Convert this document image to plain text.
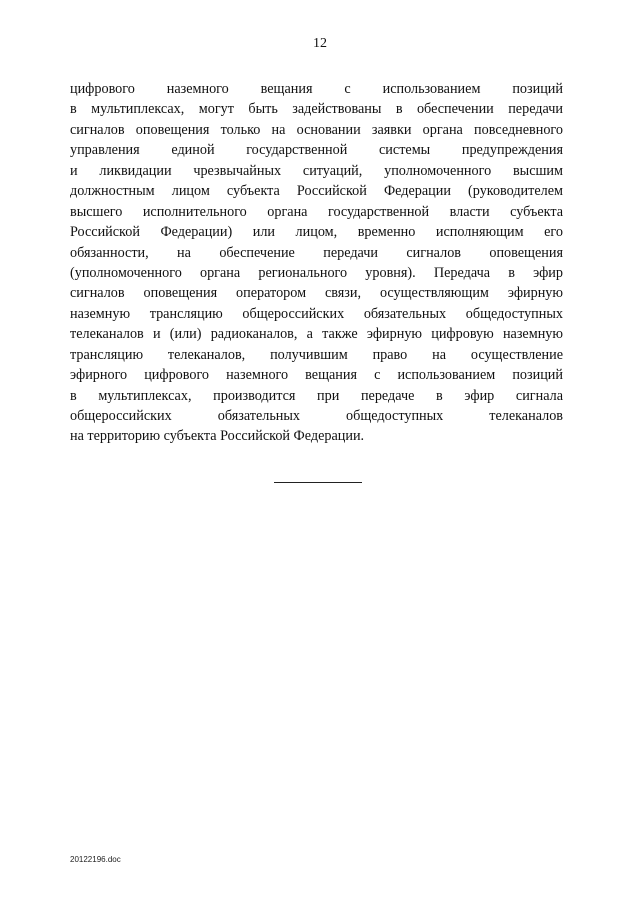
12
цифрового наземного вещания с использованием позиций
в мультиплексах, могут быть задействованы в обеспечении передачи
сигналов оповещения только на основании заявки органа повседневного
управления единой государственной системы предупреждения
и ликвидации чрезвычайных ситуаций, уполномоченного высшим
должностным лицом субъекта Российской Федерации (руководителем
высшего исполнительного органа государственной власти субъекта
Российской Федерации) или лицом, временно исполняющим его
обязанности, на обеспечение передачи сигналов оповещения
(уполномоченного органа регионального уровня). Передача в эфир
сигналов оповещения оператором связи, осуществляющим эфирную
наземную трансляцию общероссийских обязательных общедоступных
телеканалов и (или) радиоканалов, а также эфирную цифровую наземную
трансляцию телеканалов, получившим право на осуществление
эфирного цифрового наземного вещания с использованием позиций
в мультиплексах, производится при передаче в эфир сигнала
общероссийских обязательных общедоступных телеканалов
на территорию субъекта Российской Федерации.
20122196.doc
